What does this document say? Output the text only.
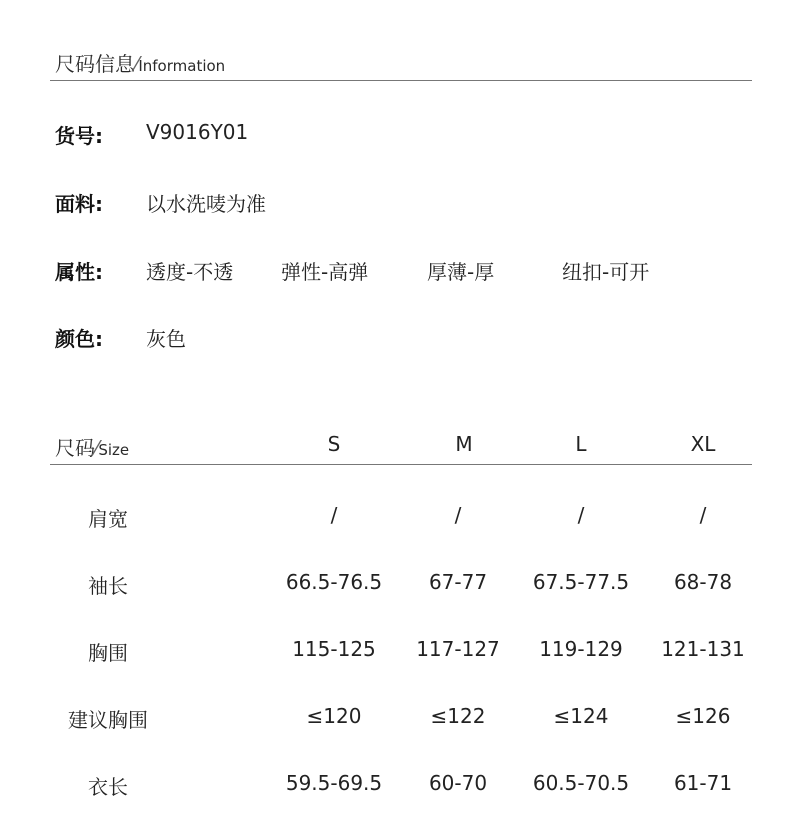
尺码信息⁄Information
货号: V9016Y01
面料: 以水洗唛为准
属性: 透度-不透 弹性-高弹	厚薄-厚	纽扣-可开
颜色: 灰色
尺码⁄Size	S	M	L	XL
肩宽	/	/	/	/
袖长	66.5-76.5	67-77	67.5-77.5	68-78
胸围	115-125	117-127	119-129	121-131
建议胸围	≤120	≤122	≤124	≤126
衣长	59.5-69.5	60-70	60.5-70.5	61-71
